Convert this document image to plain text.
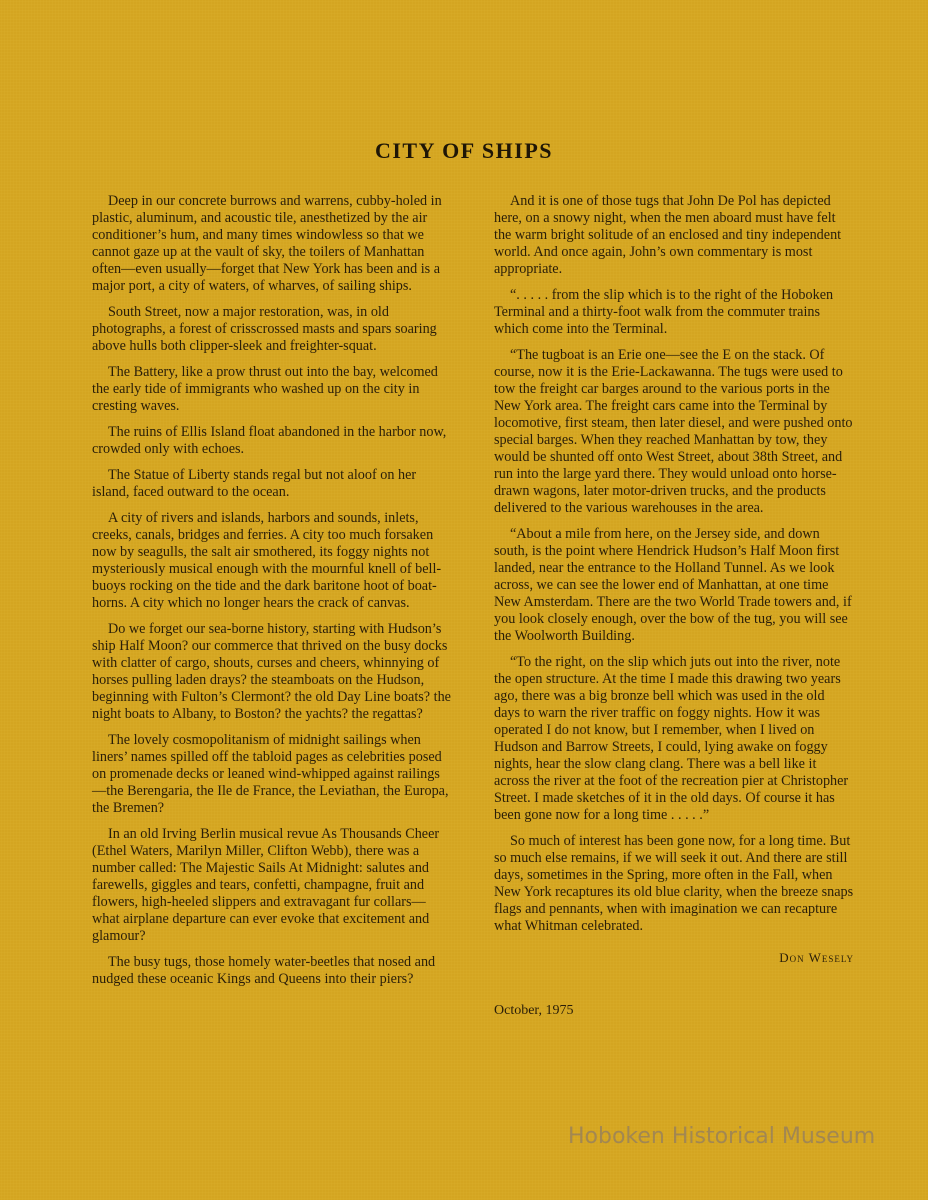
CITY OF SHIPS

Deep in our concrete burrows and warrens, cubby-holed in plastic, aluminum, and acoustic tile, anesthetized by the air conditioner’s hum, and many times windowless so that we cannot gaze up at the vault of sky, the toilers of Manhattan often—even usually—forget that New York has been and is a major port, a city of waters, of wharves, of sailing ships.

South Street, now a major restoration, was, in old photographs, a forest of crisscrossed masts and spars soaring above hulls both clipper-sleek and freighter-squat.

The Battery, like a prow thrust out into the bay, welcomed the early tide of immigrants who washed up on the city in cresting waves.

The ruins of Ellis Island float abandoned in the harbor now, crowded only with echoes.

The Statue of Liberty stands regal but not aloof on her island, faced outward to the ocean.

A city of rivers and islands, harbors and sounds, inlets, creeks, canals, bridges and ferries. A city too much forsaken now by seagulls, the salt air smothered, its foggy nights not mysteriously musical enough with the mournful knell of bell-buoys rocking on the tide and the dark baritone hoot of boat-horns. A city which no longer hears the crack of canvas.

Do we forget our sea-borne history, starting with Hudson’s ship Half Moon? our commerce that thrived on the busy docks with clatter of cargo, shouts, curses and cheers, whinnying of horses pulling laden drays? the steamboats on the Hudson, beginning with Fulton’s Clermont? the old Day Line boats? the night boats to Albany, to Boston? the yachts? the regattas?

The lovely cosmopolitanism of midnight sailings when liners’ names spilled off the tabloid pages as celebrities posed on promenade decks or leaned wind-whipped against railings—the Berengaria, the Ile de France, the Leviathan, the Europa, the Bremen?

In an old Irving Berlin musical revue As Thousands Cheer (Ethel Waters, Marilyn Miller, Clifton Webb), there was a number called: The Majestic Sails At Midnight: salutes and farewells, giggles and tears, confetti, champagne, fruit and flowers, high-heeled slippers and extravagant fur collars—what airplane departure can ever evoke that excitement and glamour?

The busy tugs, those homely water-beetles that nosed and nudged these oceanic Kings and Queens into their piers?

And it is one of those tugs that John De Pol has depicted here, on a snowy night, when the men aboard must have felt the warm bright solitude of an enclosed and tiny independent world. And once again, John’s own commentary is most appropriate.

“. . . . . from the slip which is to the right of the Hoboken Terminal and a thirty-foot walk from the commuter trains which come into the Terminal.

“The tugboat is an Erie one—see the E on the stack. Of course, now it is the Erie-Lackawanna. The tugs were used to tow the freight car barges around to the various ports in the New York area. The freight cars came into the Terminal by locomotive, first steam, then later diesel, and were pushed onto special barges. When they reached Manhattan by tow, they would be shunted off onto West Street, about 38th Street, and run into the large yard there. They would unload onto horse-drawn wagons, later motor-driven trucks, and the products delivered to the various warehouses in the area.

“About a mile from here, on the Jersey side, and down south, is the point where Hendrick Hudson’s Half Moon first landed, near the entrance to the Holland Tunnel. As we look across, we can see the lower end of Manhattan, at one time New Amsterdam. There are the two World Trade towers and, if you look closely enough, over the bow of the tug, you will see the Woolworth Building.

“To the right, on the slip which juts out into the river, note the open structure. At the time I made this drawing two years ago, there was a big bronze bell which was used in the old days to warn the river traffic on foggy nights. How it was operated I do not know, but I remember, when I lived on Hudson and Barrow Streets, I could, lying awake on foggy nights, hear the slow clang clang. There was a bell like it across the river at the foot of the recreation pier at Christopher Street. I made sketches of it in the old days. Of course it has been gone now for a long time . . . . .”

So much of interest has been gone now, for a long time. But so much else remains, if we will seek it out. And there are still days, sometimes in the Spring, more often in the Fall, when New York recaptures its old blue clarity, when the breeze snaps flags and pennants, when with imagination we can recapture what Whitman celebrated.

Don Wesely
October, 1975
Hoboken Historical Museum
